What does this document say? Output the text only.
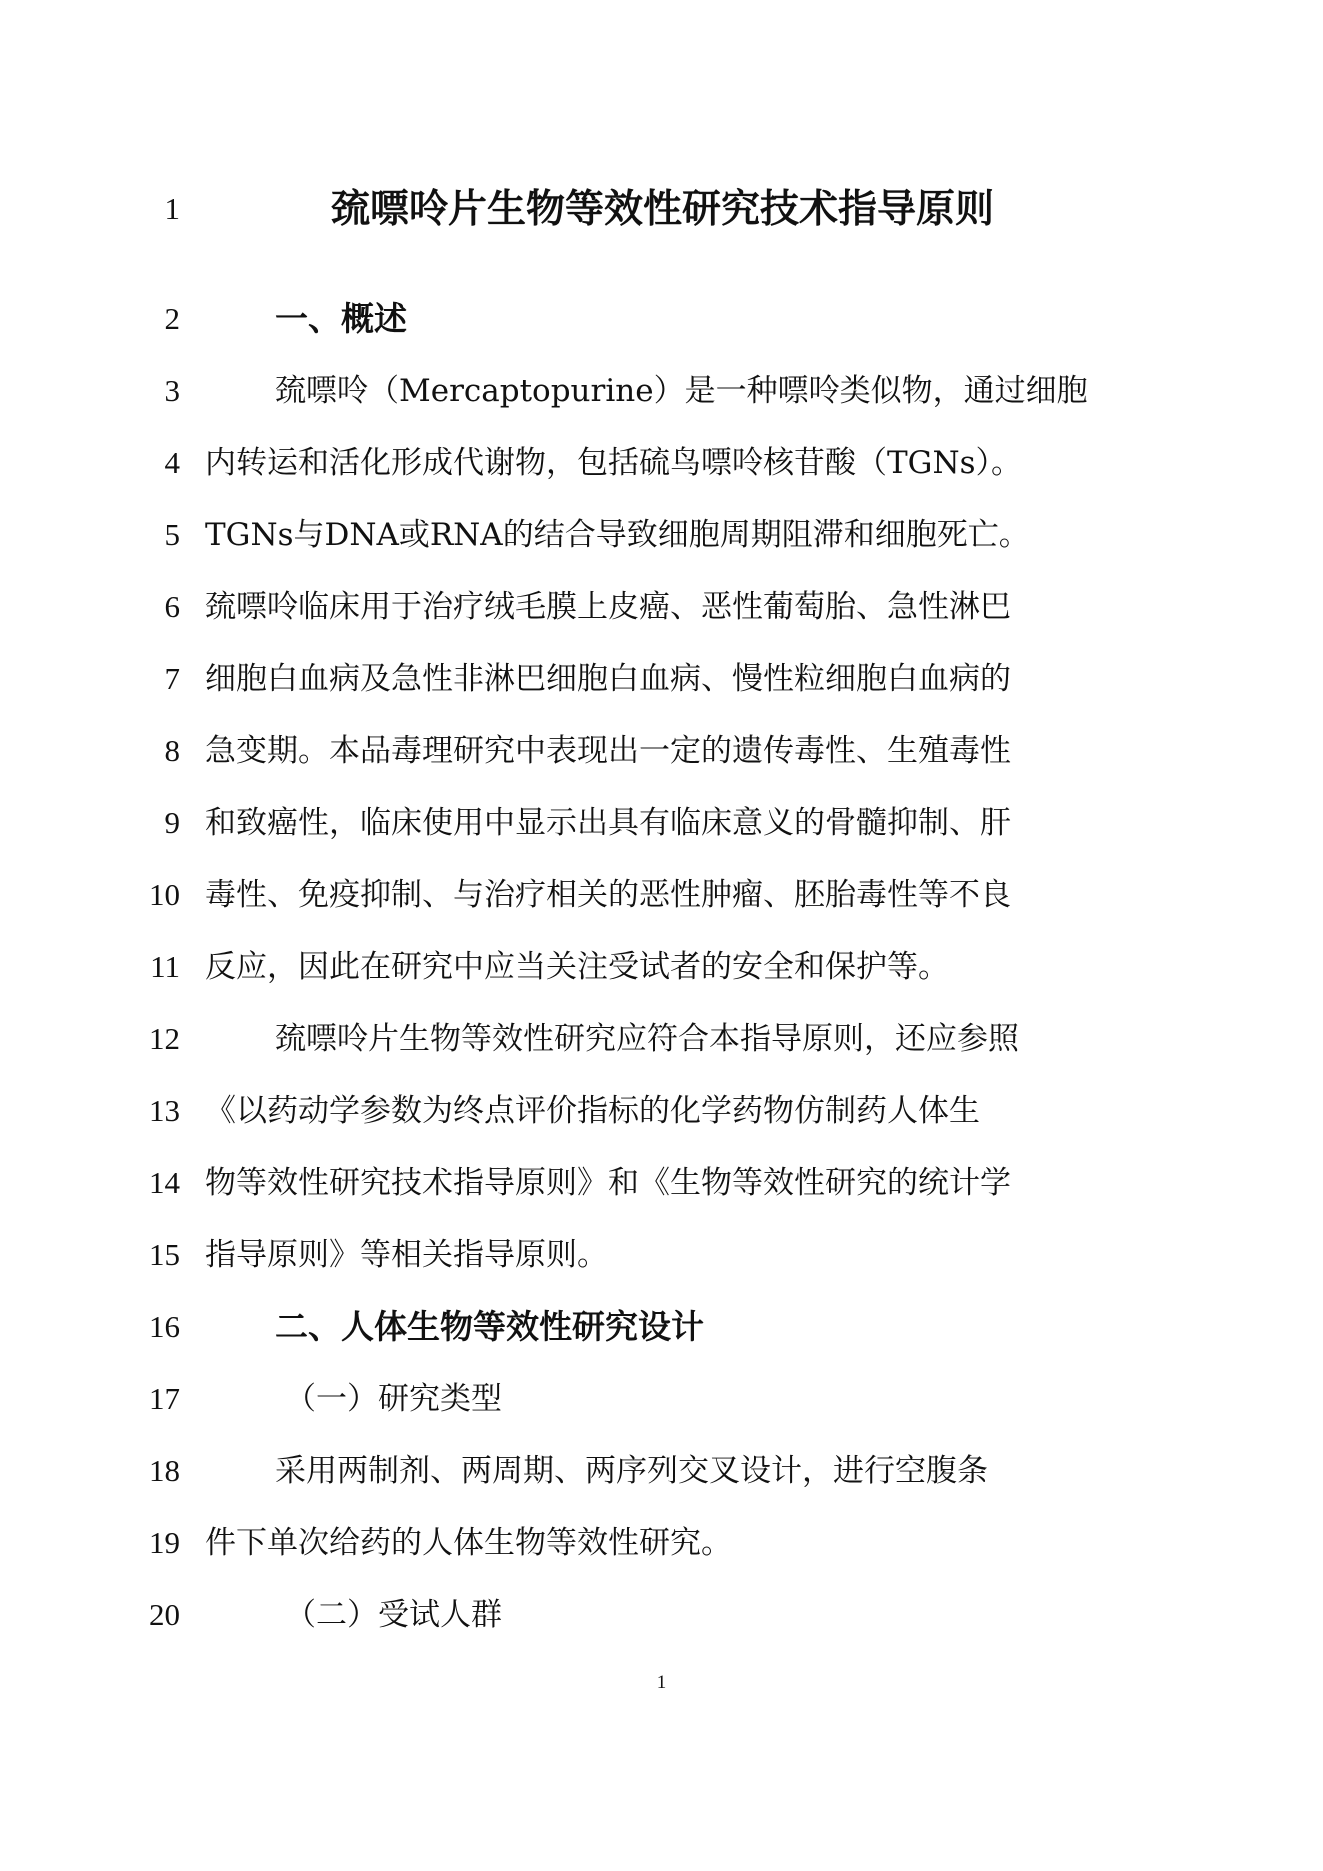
1	巯嘌呤片生物等效性研究技术指导原则
2	一、概述
3	巯嘌呤（Mercaptopurine）是一种嘌呤类似物，通过细胞
4 内转运和活化形成代谢物，包括硫鸟嘌呤核苷酸（TGNs）。
5 TGNs与DNA或RNA的结合导致细胞周期阻滞和细胞死亡。
6 巯嘌呤临床用于治疗绒毛膜上皮癌、恶性葡萄胎、急性淋巴
7 细胞白血病及急性非淋巴细胞白血病、慢性粒细胞白血病的
8 急变期。本品毒理研究中表现出一定的遗传毒性、生殖毒性
9 和致癌性，临床使用中显示出具有临床意义的骨髓抑制、肝
10 毒性、免疫抑制、与治疗相关的恶性肿瘤、胚胎毒性等不良
11 反应，因此在研究中应当关注受试者的安全和保护等。
12	巯嘌呤片生物等效性研究应符合本指导原则，还应参照
13 《以药动学参数为终点评价指标的化学药物仿制药人体生
14 物等效性研究技术指导原则》和《生物等效性研究的统计学
15 指导原则》等相关指导原则。
16	二、人体生物等效性研究设计
17	（一）研究类型
18	采用两制剂、两周期、两序列交叉设计，进行空腹条
19 件下单次给药的人体生物等效性研究。
20	（二）受试人群
1
